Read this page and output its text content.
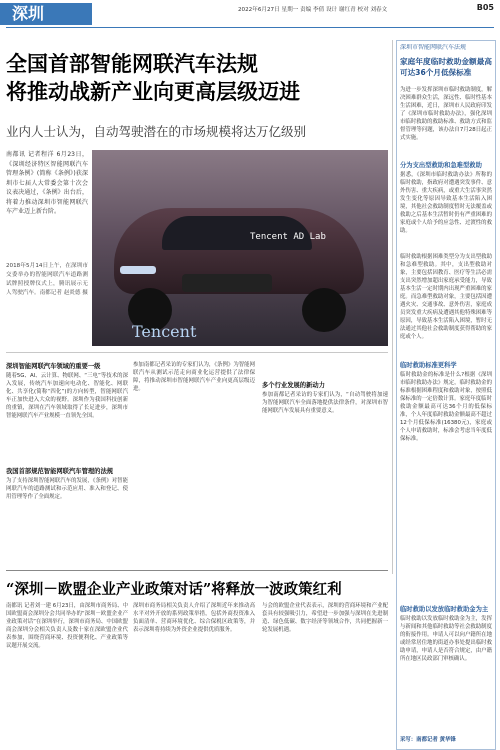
深圳	2022年6月27日 星期一 责编 李倩 设计 谢红青 校对 刘春文	B05
全国首部智能网联汽车法规
将推动战新产业向更高层级迈进
业内人士认为，自动驾驶潜在的市场规模将达万亿级别
南都讯 记者程洋 6月23日，《深圳经济特区智能网联汽车管理条例》(简称《条例》)获深圳市七届人大常委会第十次会议表决通过，《条例》出台后，将着力推动深圳市智能网联汽车产业迈上新台阶。
2018年5月14日上午，在深圳市交委举办的智能网联汽车道路测试牌照授牌仪式上，腾讯展示无人驾驶汽车。南都记者 赵炎德 摄
Tencent AD Lab
Tencent
深圳市智能网联汽车法规
家庭年度临时救助金额最高可达36个月低保标准
为进一步发挥深圳市临时救助制度，解决困难群众生活，深远性、临时性基本生活困难，近日，深圳市人民政府印发了《深圳市临时救助办法》，强化深圳市临时救助的救助标准、救助方式和监督管理等问题，该办法自7月28日起正式实施。
分为支出型救助和急难型救助
据悉，《深圳市临时救助办法》所称的临时救助，指政府对遭遇突发事件、意外伤害、重大疾病，或重大生活事突然发生变化等原因导致基本生活陷入困境，其他社会救助制度暂时无法覆盖或救助之后基本生活暂时仍有严重困难的家庭或个人给予的应急性、过渡性的救助。
临时救助根据困难类型分为支出型救助和急难型救助。其中，支出型救助对象，主要包括因教育、医疗等生活必需支出突然增加超出家庭承受能力，导致基本生活一定时期内出现严重困难的家庭。而急难型救助对象，主要包括因遭遇火灾、交通事故、意外伤害，家庭成员突发重大疾病及遭遇其他特殊困难等原因，导致基本生活陷入困境，暂时无法通过其他社会救助制度获得帮助的家庭或个人。
临时救助标准更科学
临时救助金的标准是什么?根据《深圳市临时救助办法》规定，临时救助金的标准根据困难程度和救助对象，按照低保标准的一定倍数计算。家庭年度临时救助金额最高可达36个月的低保标准，个人年度临时救助金额最高不超过12个月低保标准(16380元)，家庭或个人申请救助时，标准会考虑当年度低保标准。
临时救助以发放临时救助金为主
临时救助以发放临时救助金为主，发挥与新闻和其他临时救助等社会救助制度的衔接作用。申请人可以向户籍所在地或经常居住地的街道办事处提出临时救助申请，申请人是否符合规定，由户籍所在地区民政部门审核确认。
采写：南都记者 黄华锋
深圳智能网联汽车领域的重要一级
随着5G、AI、云计算、物联网、“三电”等技术的深入发展，传统汽车加速向电动化、智能化、网联化、共享化(简称“四化”)的方向转型，智能网联汽车正加快进入大众的视野。深圳作为我国科技创新的重镇，深圳在汽车领域取得了长足进步，深圳市智能网联汽车产业规模一直领先全国。
我国首部规范智能网联汽车管理的法规
为了支持深圳智能网联汽车的发展，《条例》对智能网联汽车的道路测试和示范应用、准入和登记、使用管理等作了全面规定。
参加南都记者采访的专家们认为，《条例》为智能网联汽车从测试示范走向商业化运营提供了法律保障，将推动深圳市智能网联汽车产业向更高层级迈进。	多个行业发展的新动力
参加南都记者采访的专家们认为，“自动驾驶将加速为智能网联汽车全面落地提供法律条件，对深圳市智能网联汽车发展具有重要意义。
“深圳－欧盟企业产业政策对话”将释放一波政策红利
南都讯 记者刘一建 6月23日，由深圳市商务局、中国欧盟商会深圳分会共同举办的“深圳－欧盟企业产业政策对话”在深圳举行，深圳市商务局、中国欧盟商会深圳分会相关负责人及数十家在深欧盟企业代表参加，围绕营商环境、投资便利化、产业政策等议题开展交流。
深圳市商务局相关负责人介绍了深圳近年来推动高水平对外开放的系列政策举措，包括外商投资准入负面清单、营商环境优化、综合保税区政策等，并表示深圳将持续为外资企业提供优质服务。
与会的欧盟企业代表表示，深圳的营商环境和产业配套具有较强吸引力，希望进一步加强与深圳在先进制造、绿色低碳、数字经济等领域合作，共同把握新一轮发展机遇。
